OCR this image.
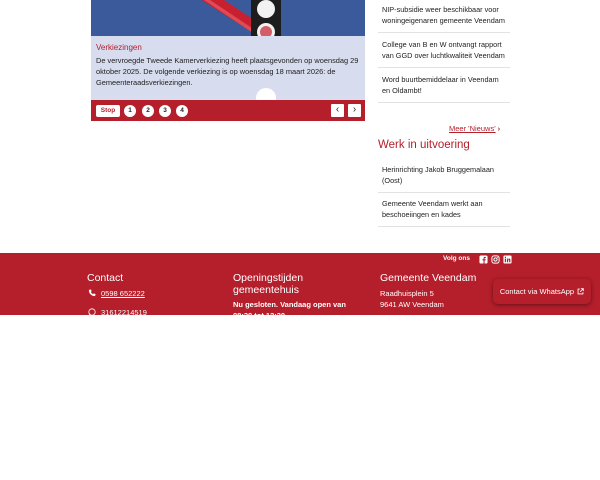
Verkiezingen
De vervroegde Tweede Kamerverkiezing heeft plaatsgevonden op woensdag 29 oktober 2025. De volgende verkiezing is op woensdag 18 maart 2026: de Gemeenteraadsverkiezingen.
Stop	1	2	3	4	‹	›
NIP-subsidie weer beschikbaar voor woningeigenaren gemeente Veendam
College van B en W ontvangt rapport van GGD over luchtkwaliteit Veendam
Word buurtbemiddelaar in Veendam en Oldambt!
Meer 'Nieuws' ›
Werk in uitvoering
Herinrichting Jakob Bruggemalaan (Oost)
Gemeente Veendam werkt aan beschoeiingen en kades
Volg ons
Contact	Openingstijden gemeentehuis
Gemeente Veendam
0598 652222
31612214519
Nu gesloten. Vandaag open van 08:30 tot 12:30
Raadhuisplein 5
9641 AW Veendam
Contact via WhatsApp
